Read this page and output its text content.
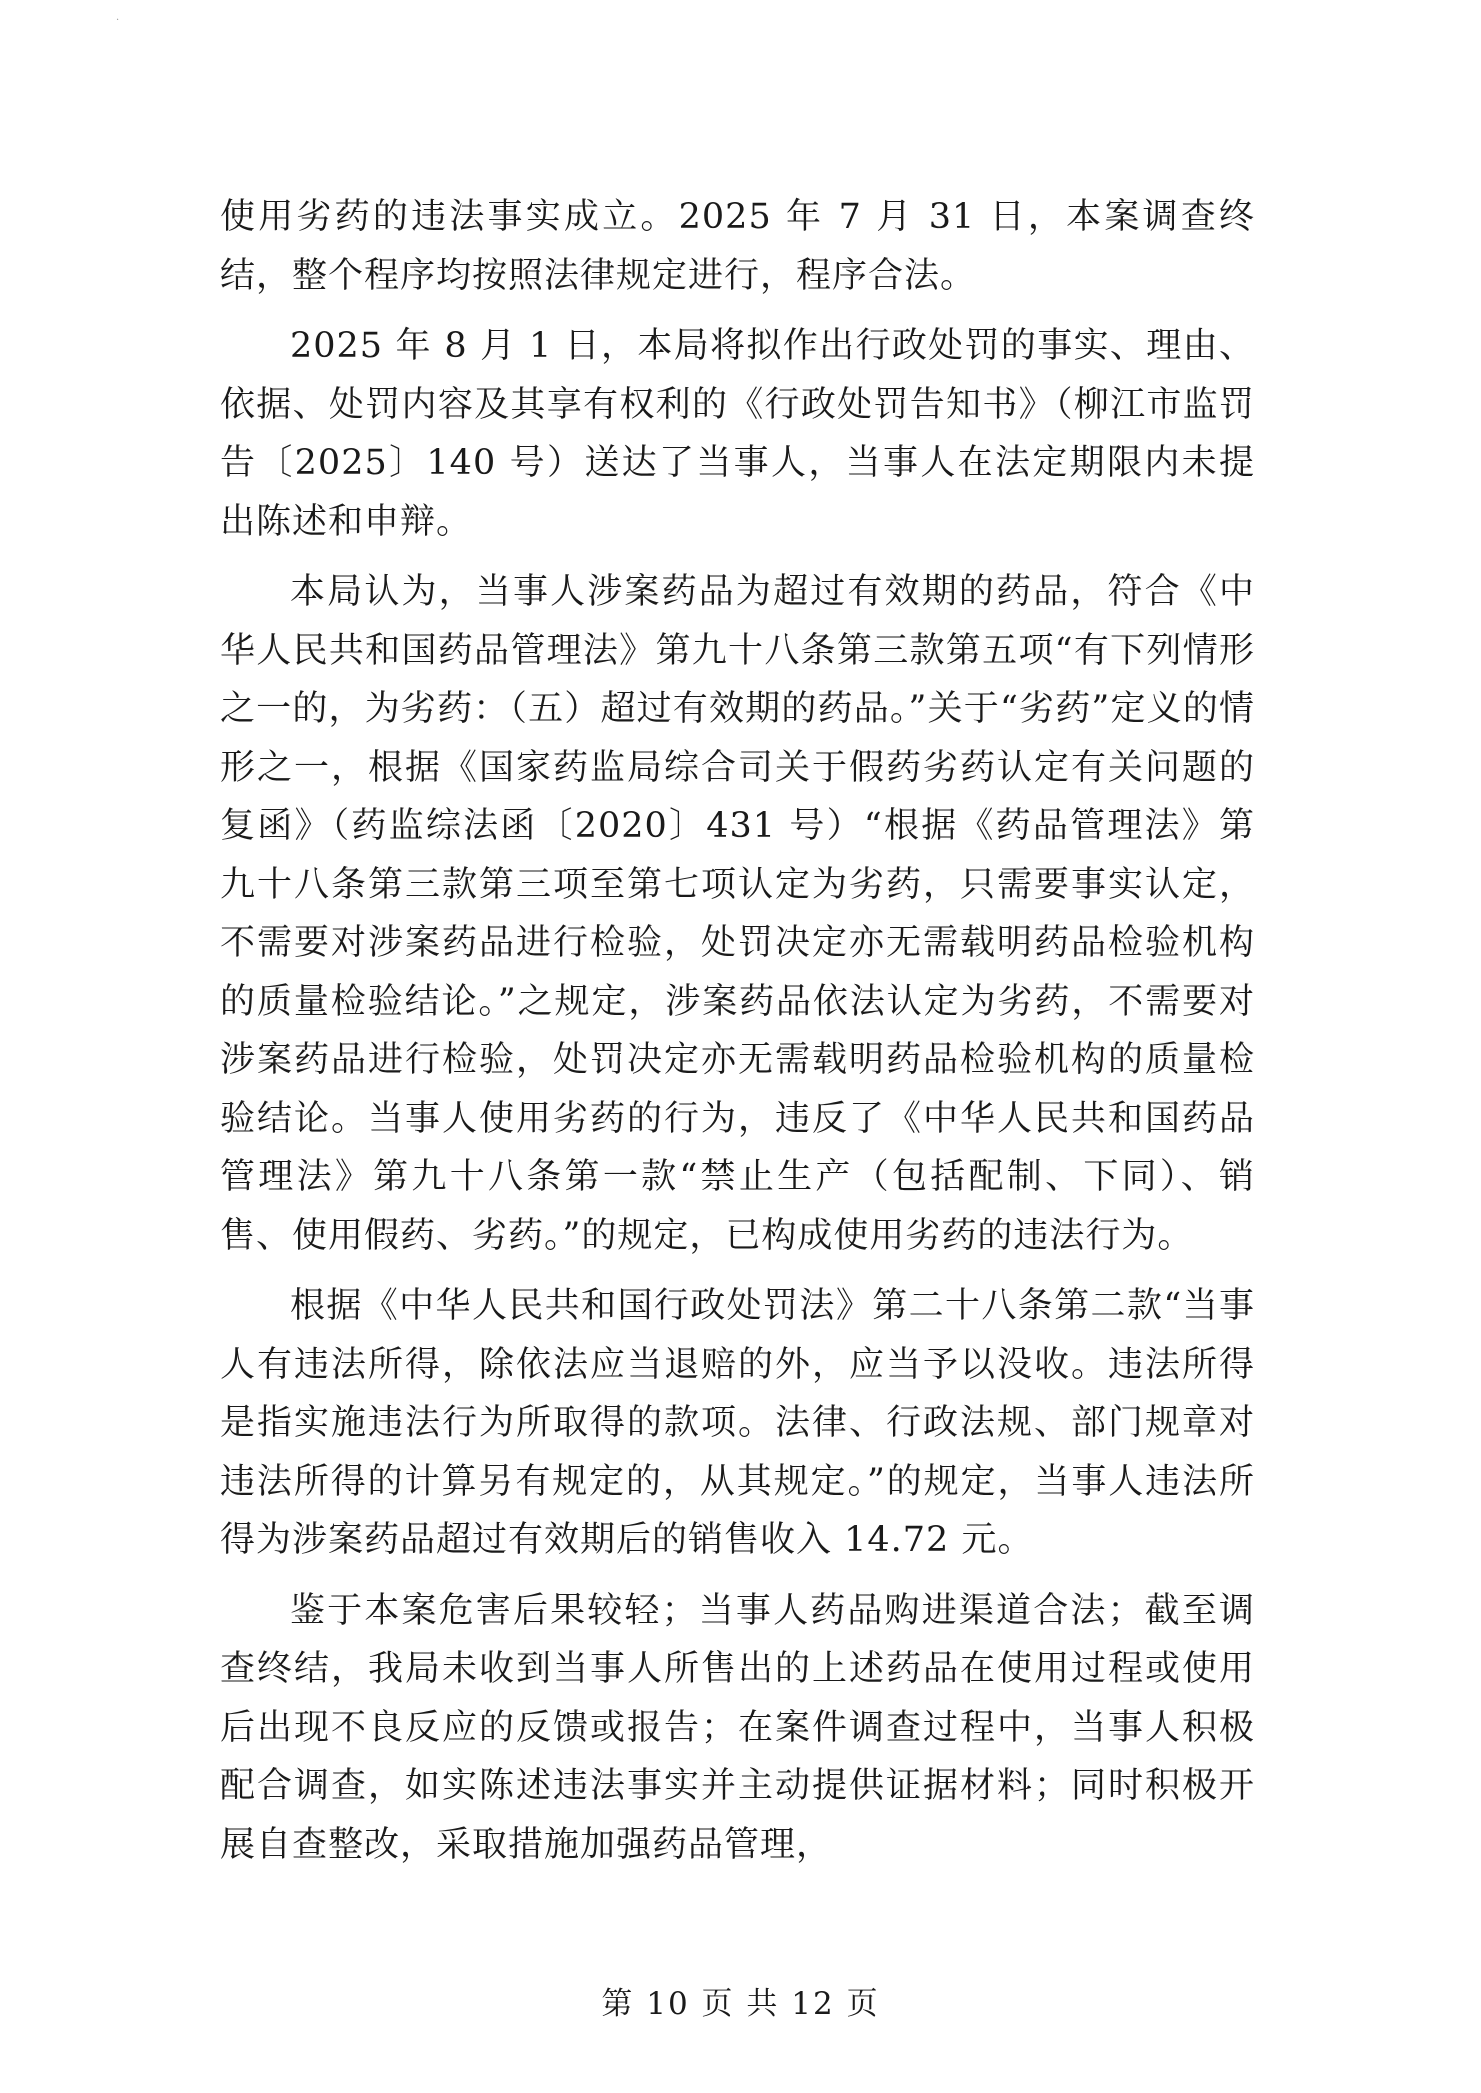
.

使用劣药的违法事实成立。2025 年 7 月 31 日，本案调查终结，整个程序均按照法律规定进行，程序合法。

2025 年 8 月 1 日，本局将拟作出行政处罚的事实、理由、依据、处罚内容及其享有权利的《行政处罚告知书》（柳江市监罚告〔2025〕140 号）送达了当事人，当事人在法定期限内未提出陈述和申辩。

本局认为，当事人涉案药品为超过有效期的药品，符合《中华人民共和国药品管理法》第九十八条第三款第五项“有下列情形之一的，为劣药：（五）超过有效期的药品。”关于“劣药”定义的情形之一，根据《国家药监局综合司关于假药劣药认定有关问题的复函》（药监综法函〔2020〕431 号）“根据《药品管理法》第九十八条第三款第三项至第七项认定为劣药，只需要事实认定，不需要对涉案药品进行检验，处罚决定亦无需载明药品检验机构的质量检验结论。”之规定，涉案药品依法认定为劣药，不需要对涉案药品进行检验，处罚决定亦无需载明药品检验机构的质量检验结论。当事人使用劣药的行为，违反了《中华人民共和国药品管理法》第九十八条第一款“禁止生产（包括配制、下同）、销售、使用假药、劣药。”的规定，已构成使用劣药的违法行为。

根据《中华人民共和国行政处罚法》第二十八条第二款“当事人有违法所得，除依法应当退赔的外，应当予以没收。违法所得是指实施违法行为所取得的款项。法律、行政法规、部门规章对违法所得的计算另有规定的，从其规定。”的规定，当事人违法所得为涉案药品超过有效期后的销售收入 14.72 元。

鉴于本案危害后果较轻；当事人药品购进渠道合法；截至调查终结，我局未收到当事人所售出的上述药品在使用过程或使用后出现不良反应的反馈或报告；在案件调查过程中，当事人积极配合调查，如实陈述违法事实并主动提供证据材料；同时积极开展自查整改，采取措施加强药品管理，

第 10 页 共 12 页
